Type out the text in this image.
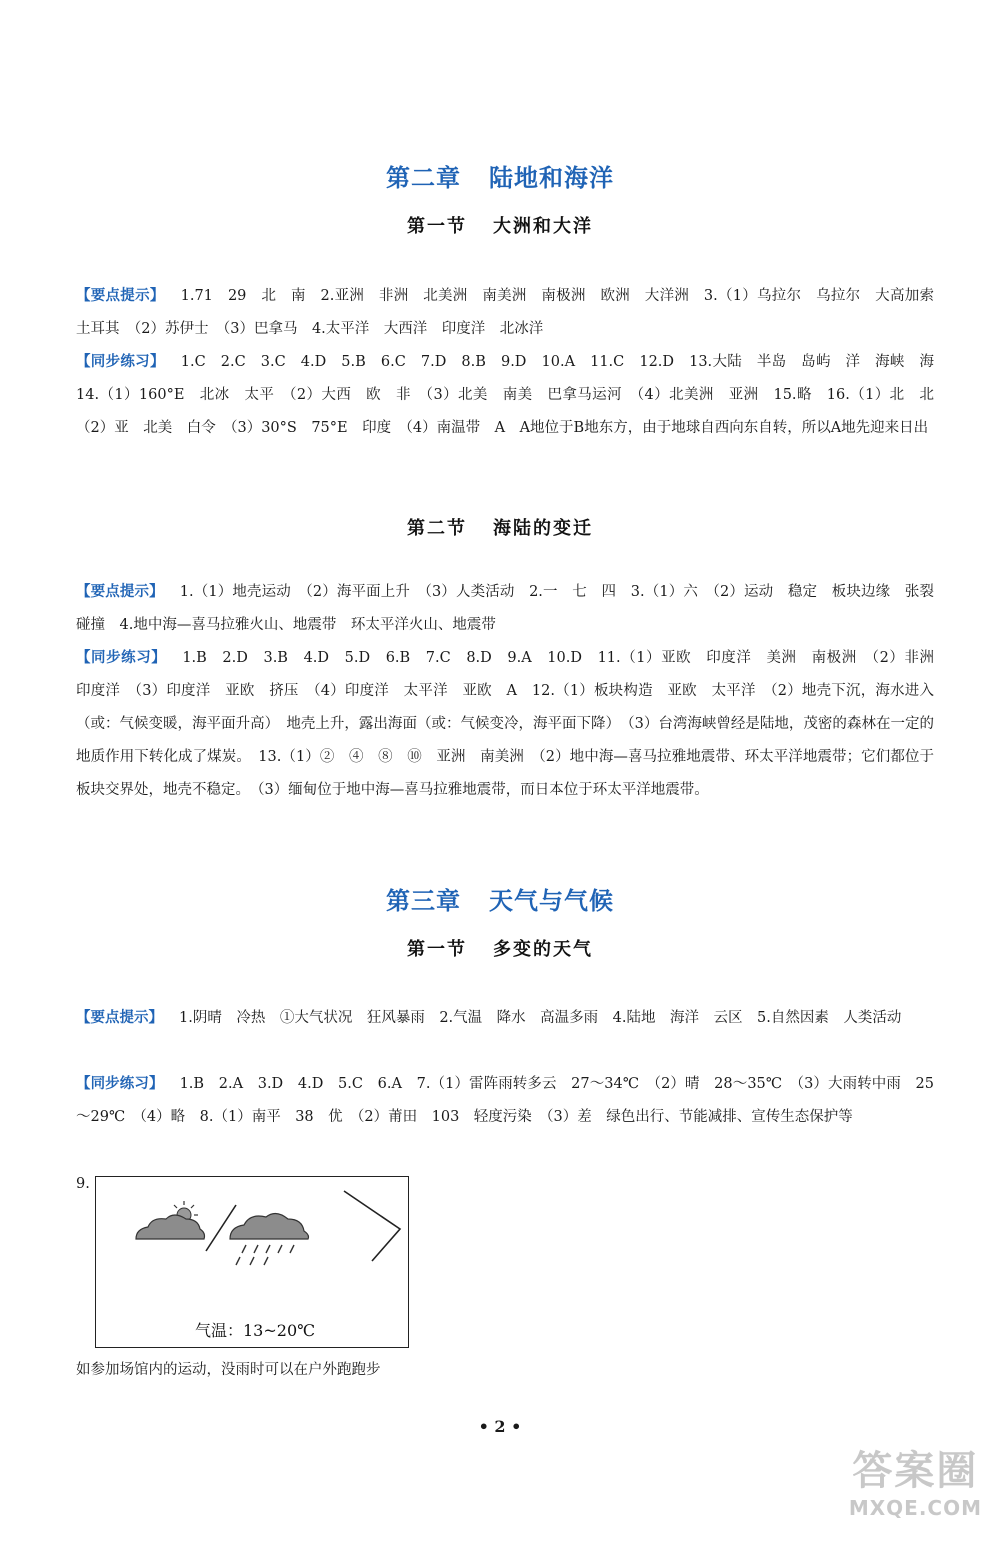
第二章 陆地和海洋
第一节 大洲和大洋
【要点提示】 1.71　29　北　南　2.亚洲　非洲　北美洲　南美洲　南极洲　欧洲　大洋洲　3.（1）乌拉尔　乌拉尔　大高加索　土耳其　（2）苏伊士　（3）巴拿马　4.太平洋　大西洋　印度洋　北冰洋
【同步练习】 1.C　2.C　3.C　4.D　5.B　6.C　7.D　8.B　9.D　10.A　11.C　12.D　13.大陆　半岛　岛屿　洋　海峡　海　14.（1）160°E　北冰　太平　（2）大西　欧　非　（3）北美　南美　巴拿马运河　（4）北美洲　亚洲　15.略　16.（1）北　北　（2）亚　北美　白令　（3）30°S　75°E　印度　（4）南温带　A　A地位于B地东方，由于地球自西向东自转，所以A地先迎来日出
第二节 海陆的变迁
【要点提示】 1.（1）地壳运动　（2）海平面上升　（3）人类活动　2.一　七　四　3.（1）六　（2）运动　稳定　板块边缘　张裂　碰撞　4.地中海—喜马拉雅火山、地震带　环太平洋火山、地震带
【同步练习】 1.B　2.D　3.B　4.D　5.D　6.B　7.C　8.D　9.A　10.D　11.（1）亚欧　印度洋　美洲　南极洲　（2）非洲　印度洋　（3）印度洋　亚欧　挤压　（4）印度洋　太平洋　亚欧　A　12.（1）板块构造　亚欧　太平洋　（2）地壳下沉，海水进入（或：气候变暖，海平面升高）　地壳上升，露出海面（或：气候变冷，海平面下降）　（3）台湾海峡曾经是陆地，茂密的森林在一定的地质作用下转化成了煤炭。　13.（1）②　④　⑧　⑩　亚洲　南美洲　（2）地中海—喜马拉雅地震带、环太平洋地震带；它们都位于板块交界处，地壳不稳定。　（3）缅甸位于地中海—喜马拉雅地震带，而日本位于环太平洋地震带。
第三章 天气与气候
第一节 多变的天气
【要点提示】 1.阴晴　冷热　①大气状况　狂风暴雨　2.气温　降水　高温多雨　4.陆地　海洋　云区　5.自然因素　人类活动
【同步练习】 1.B　2.A　3.D　4.D　5.C　6.A　7.（1）雷阵雨转多云　27～34℃　（2）晴　28～35℃　（3）大雨转中雨　25～29℃　（4）略　8.（1）南平　38　优　（2）莆田　103　轻度污染　（3）差　绿色出行、节能减排、宣传生态保护等
9.
气温：13~20℃
如参加场馆内的运动，没雨时可以在户外跑跑步
• 2 •
答案圈
MXQE.COM
